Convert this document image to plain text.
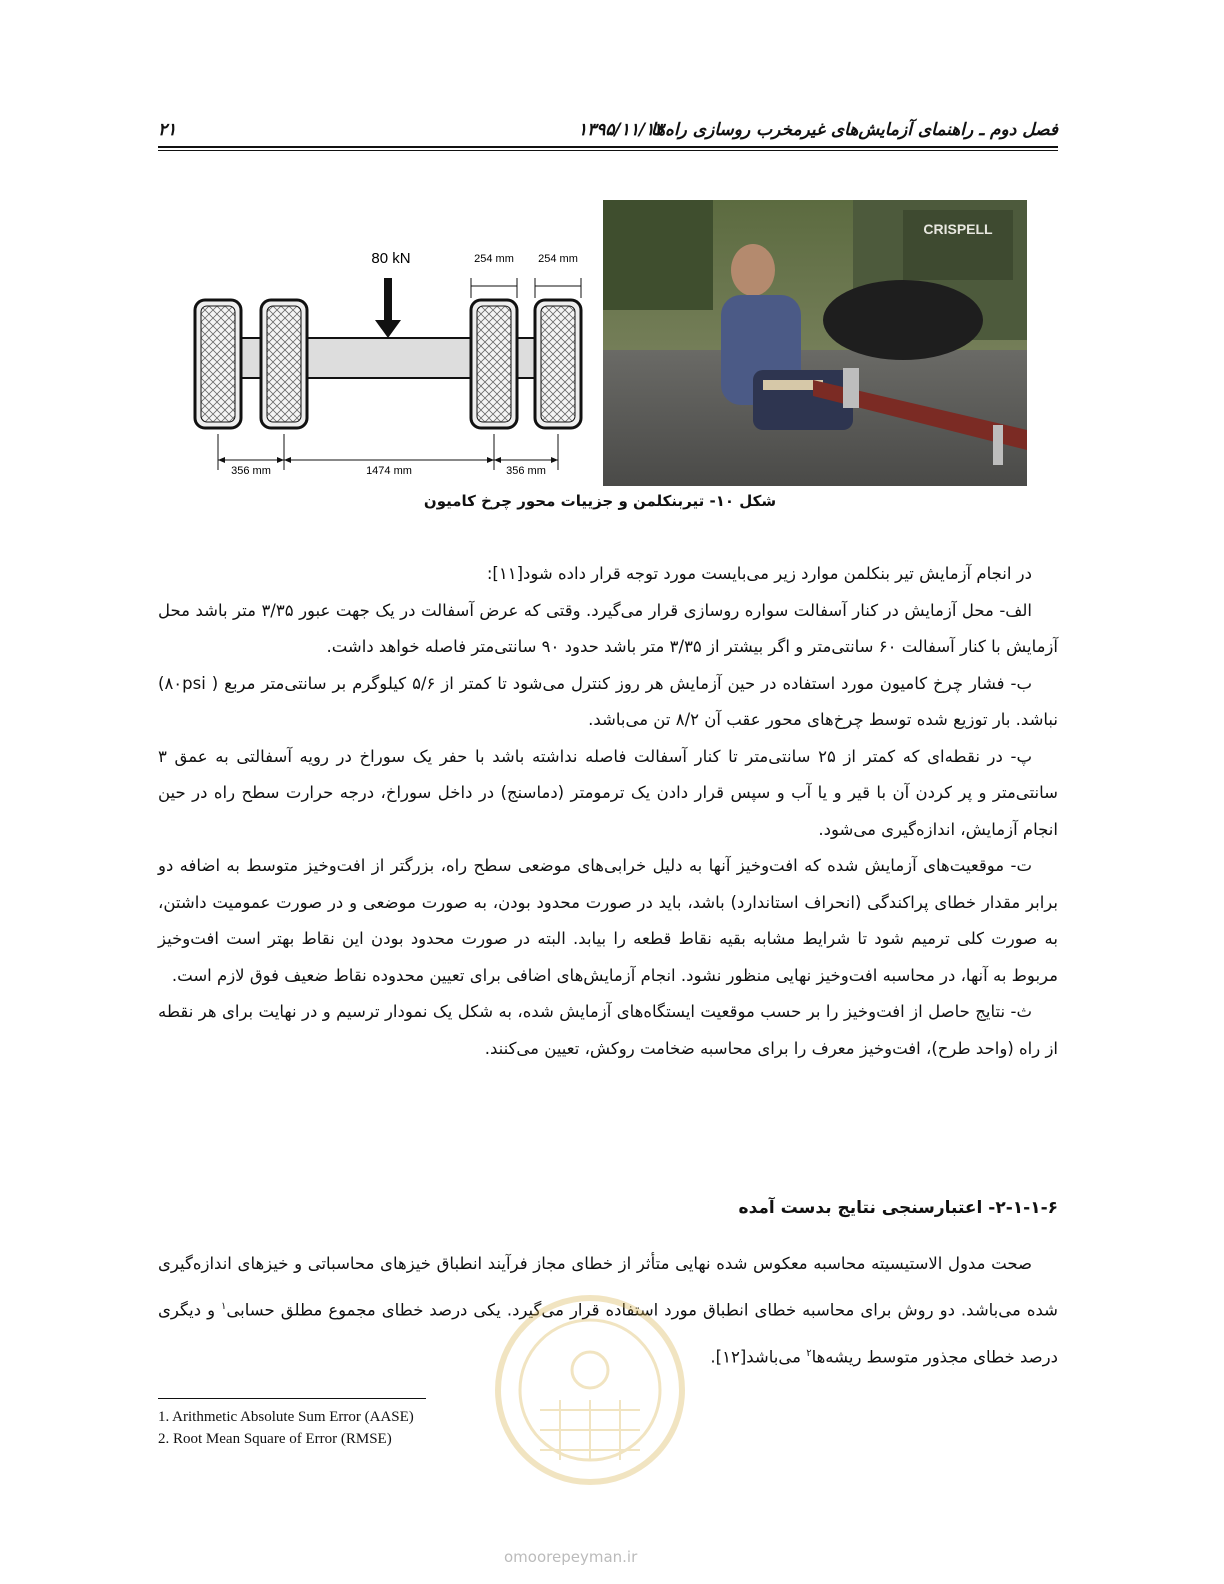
فصل دوم ـ راهنمای آزمایش‌های غیرمخرب روسازی راه‌ها
۱۳۹۵/۱۱/۱۳
۲۱
80 kN	254 mm 254 mm
356 mm	1474 mm	356 mm
CRISPELL
شکل ۱۰- تیربنکلمن و جزییات محور چرخ کامیون

در انجام آزمایش تیر بنکلمن موارد زیر می‌بایست مورد توجه قرار داده شود[۱۱]:

الف- محل آزمایش در کنار آسفالت سواره روسازی قرار می‌گیرد. وقتی که عرض آسفالت در یک جهت عبور ۳/۳۵ متر باشد محل آزمایش با کنار آسفالت ۶۰ سانتی‌متر و اگر بیشتر از ۳/۳۵ متر باشد حدود ۹۰ سانتی‌متر فاصله خواهد داشت.

ب- فشار چرخ کامیون مورد استفاده در حین آزمایش هر روز کنترل می‌شود تا کمتر از ۵/۶ کیلوگرم بر سانتی‌متر مربع ( ۸۰psi) نباشد. بار توزیع شده توسط چرخ‌های محور عقب آن ۸/۲ تن می‌باشد.

پ- در نقطه‌ای که کمتر از ۲۵ سانتی‌متر تا کنار آسفالت فاصله نداشته باشد با حفر یک سوراخ در رویه آسفالتی به عمق ۳ سانتی‌متر و پر کردن آن با قیر و یا آب و سپس قرار دادن یک ترمومتر (دماسنج) در داخل سوراخ، درجه حرارت سطح راه در حین انجام آزمایش، اندازه‌گیری می‌شود.

ت- موقعیت‌های آزمایش شده که افت‌وخیز آنها به دلیل خرابی‌های موضعی سطح راه، بزرگتر از افت‌وخیز متوسط به اضافه دو برابر مقدار خطای پراکندگی (انحراف استاندارد) باشد، باید در صورت محدود بودن، به صورت موضعی و در صورت عمومیت داشتن، به صورت کلی ترمیم شود تا شرایط مشابه بقیه نقاط قطعه را بیابد. البته در صورت محدود بودن این نقاط بهتر است افت‌وخیز مربوط به آنها، در محاسبه افت‌وخیز نهایی منظور نشود. انجام آزمایش‌های اضافی برای تعیین محدوده نقاط ضعیف فوق لازم است.

ث- نتایج حاصل از افت‌وخیز را بر حسب موقعیت ایستگاه‌های آزمایش شده، به شکل یک نمودار ترسیم و در نهایت برای هر نقطه از راه (واحد طرح)، افت‌وخیز معرف را برای محاسبه ضخامت روکش، تعیین می‌کنند.

۲-۱-۱-۶- اعتبارسنجی نتایج بدست آمده

صحت مدول الاستیسیته محاسبه معکوس شده نهایی متأثر از خطای مجاز فرآیند انطباق خیزهای محاسباتی و خیزهای اندازه‌گیری شده می‌باشد. دو روش برای محاسبه خطای انطباق مورد استفاده قرار می‌گیرد. یکی درصد خطای مجموع مطلق حسابی$^۱$ و دیگری درصد خطای مجذور متوسط ریشه‌ها$^۲$ می‌باشد[۱۲].

1. Arithmetic Absolute Sum Error (AASE)
2. Root Mean Square of Error (RMSE)
omoorepeyman.ir
